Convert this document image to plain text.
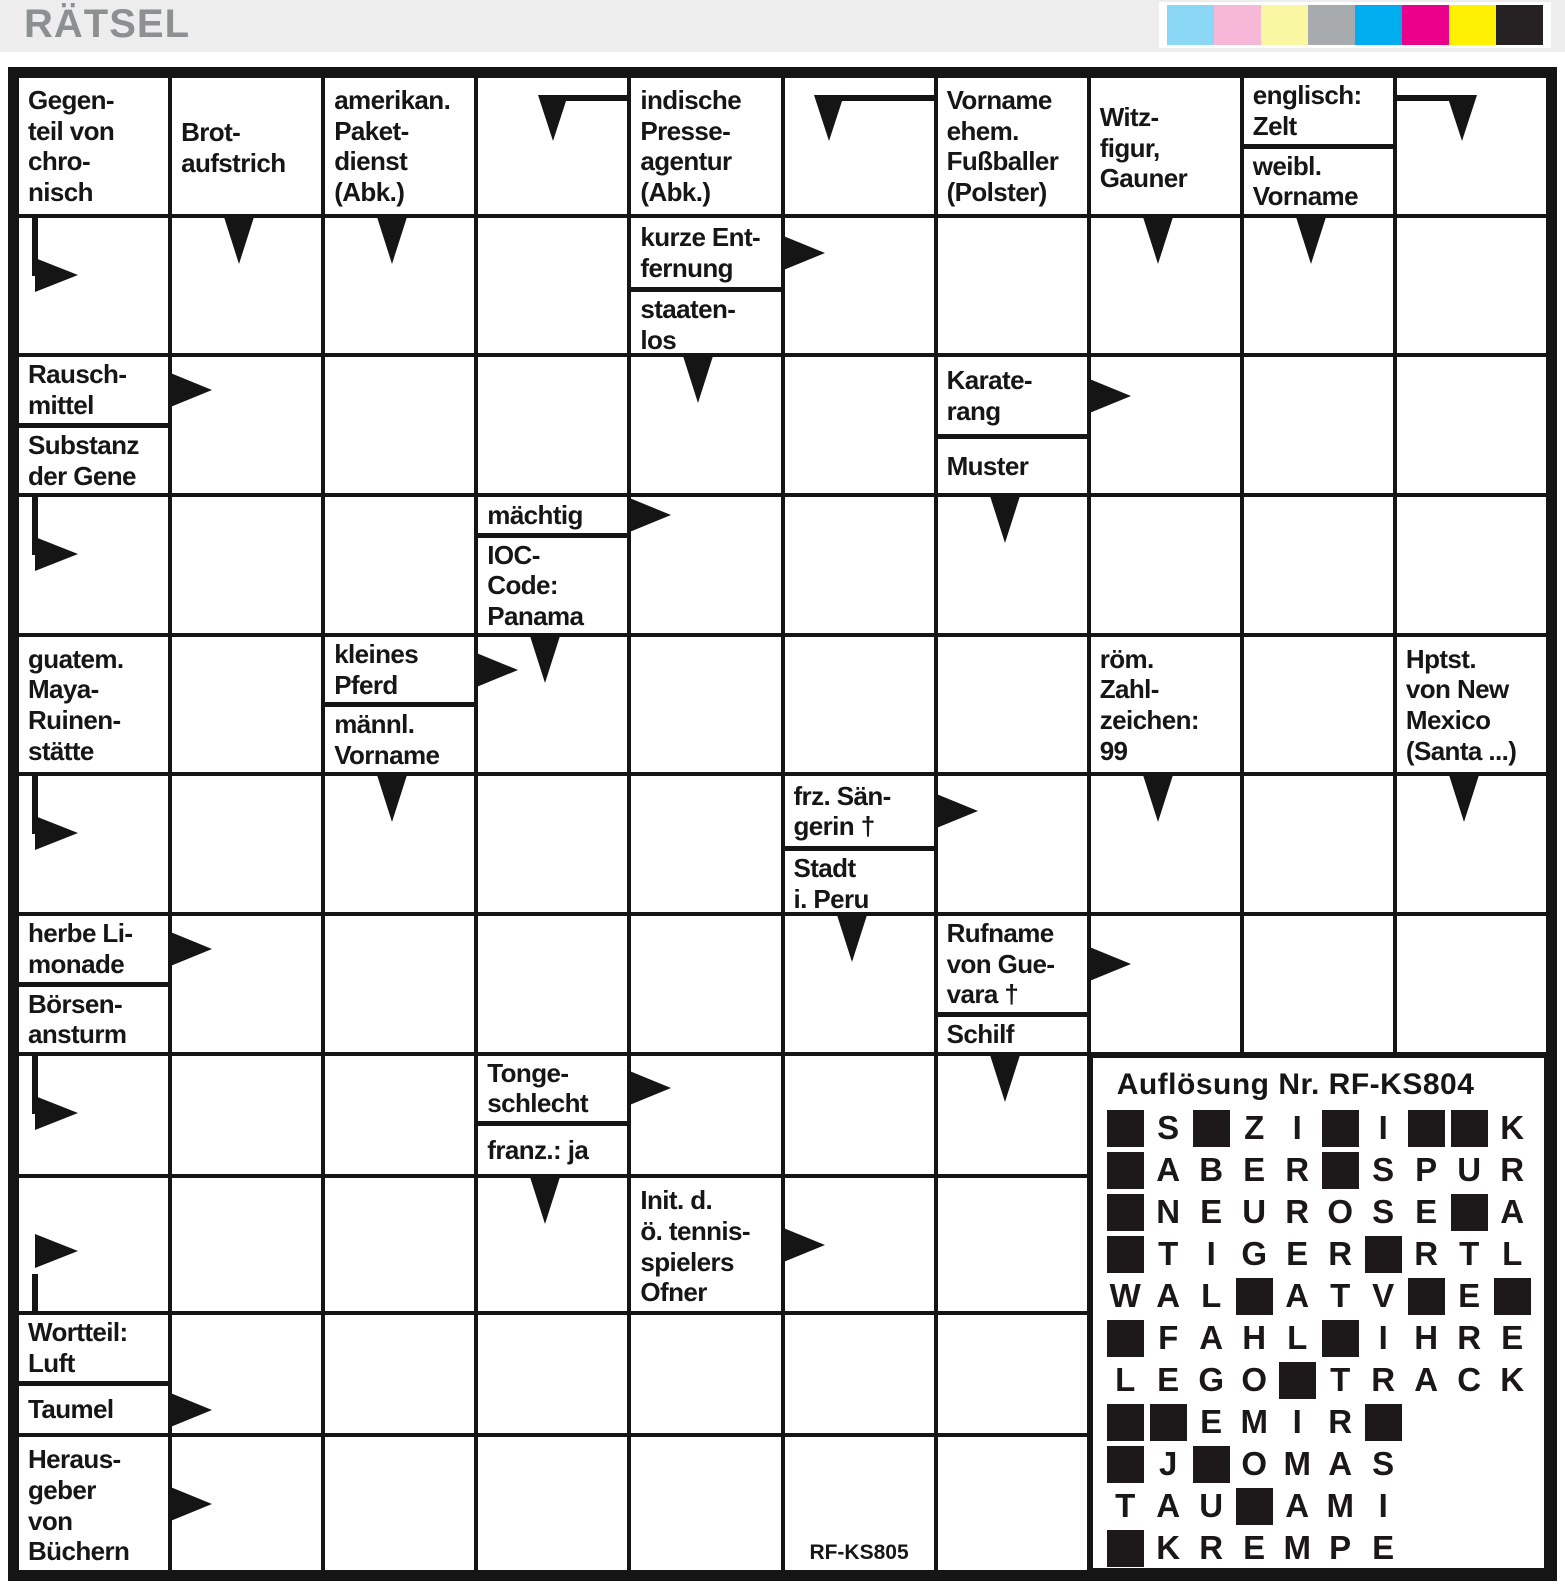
RÄTSEL
Gegen-
teil von
chro-
nisch
Brot-
aufstrich
amerikan.
Paket-
dienst
(Abk.)
indische
Presse-
agentur
(Abk.)
Vorname
ehem.
Fußballer
(Polster)
Witz-
figur,
Gauner
englisch:
Zelt
weibl.
Vorname
kurze Ent-
fernung
staaten-
los
Rausch-
mittel
Substanz
der Gene
Karate-
rang
Muster
mächtig
IOC-
Code:
Panama
guatem.
Maya-
Ruinen-
stätte
kleines
Pferd
männl.
Vorname
röm.
Zahl-
zeichen:
99
Hptst.
von New
Mexico
(Santa ...)
frz. Sän-
gerin †
Stadt
i. Peru
herbe Li-
monade
Börsen-
ansturm
Rufname
von Gue-
vara †
Schilf
Tonge-
schlecht
franz.: ja
Init. d.
ö. tennis-
spielers
Ofner
Wortteil:
Luft
Taumel
Heraus-
geber
von
Büchern	RF-KS805
Auflösung Nr. RF-KS804
S Z I	I	K
A B E R S P U R
N E U R O S E A
T I G E R R T L
W A L A T V E
F A H L	I H R E
L E G O T R A C K
E M I R
J O M A S
T A U A M I
K R E M P E
